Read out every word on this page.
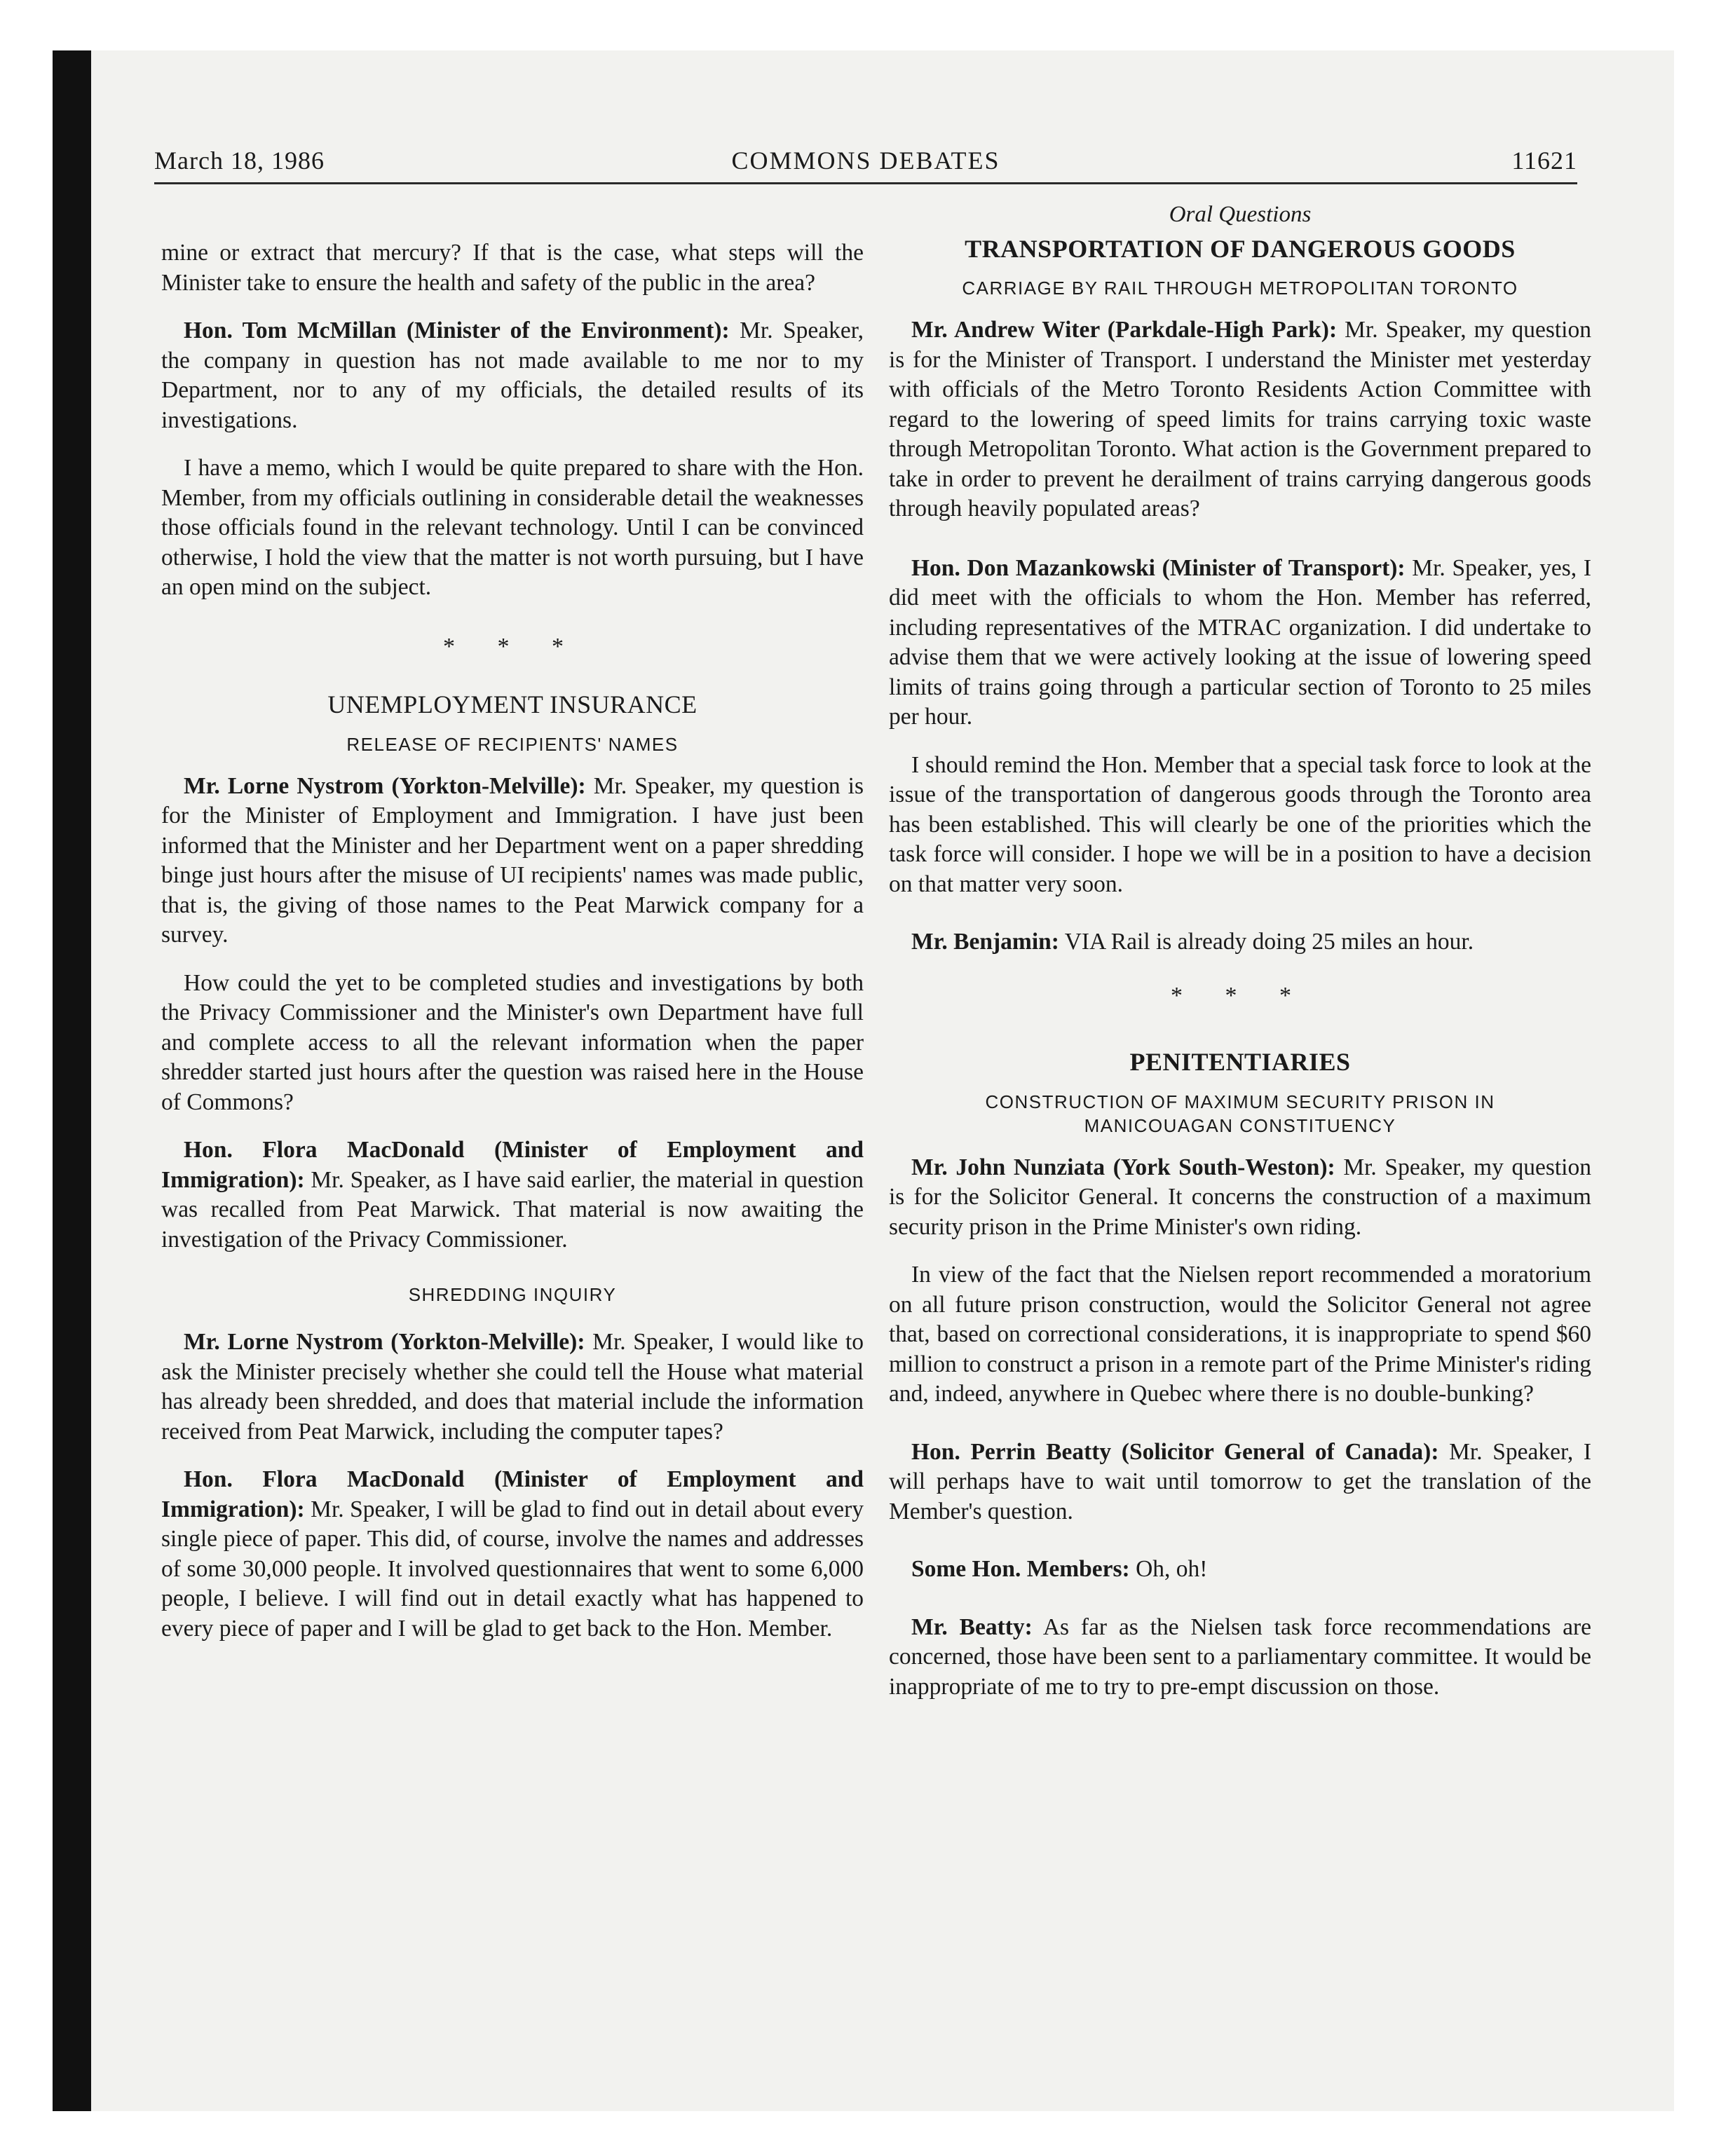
March 18, 1986	COMMONS DEBATES	11621

mine or extract that mercury? If that is the case, what steps will the Minister take to ensure the health and safety of the public in the area?

Hon. Tom McMillan (Minister of the Environment): Mr. Speaker, the company in question has not made available to me nor to my Department, nor to any of my officials, the detailed results of its investigations.

I have a memo, which I would be quite prepared to share with the Hon. Member, from my officials outlining in considerable detail the weaknesses those officials found in the relevant technology. Until I can be convinced otherwise, I hold the view that the matter is not worth pursuing, but I have an open mind on the subject.

* * *
UNEMPLOYMENT INSURANCE
RELEASE OF RECIPIENTS' NAMES

Mr. Lorne Nystrom (Yorkton-Melville): Mr. Speaker, my question is for the Minister of Employment and Immigration. I have just been informed that the Minister and her Department went on a paper shredding binge just hours after the misuse of UI recipients' names was made public, that is, the giving of those names to the Peat Marwick company for a survey.

How could the yet to be completed studies and investigations by both the Privacy Commissioner and the Minister's own Department have full and complete access to all the relevant information when the paper shredder started just hours after the question was raised here in the House of Commons?

Hon. Flora MacDonald (Minister of Employment and Immigration): Mr. Speaker, as I have said earlier, the material in question was recalled from Peat Marwick. That material is now awaiting the investigation of the Privacy Commissioner.

SHREDDING INQUIRY

Mr. Lorne Nystrom (Yorkton-Melville): Mr. Speaker, I would like to ask the Minister precisely whether she could tell the House what material has already been shredded, and does that material include the information received from Peat Marwick, including the computer tapes?

Hon. Flora MacDonald (Minister of Employment and Immigration): Mr. Speaker, I will be glad to find out in detail about every single piece of paper. This did, of course, involve the names and addresses of some 30,000 people. It involved questionnaires that went to some 6,000 people, I believe. I will find out in detail exactly what has happened to every piece of paper and I will be glad to get back to the Hon. Member.

Oral Questions
TRANSPORTATION OF DANGEROUS GOODS
CARRIAGE BY RAIL THROUGH METROPOLITAN TORONTO

Mr. Andrew Witer (Parkdale-High Park): Mr. Speaker, my question is for the Minister of Transport. I understand the Minister met yesterday with officials of the Metro Toronto Residents Action Committee with regard to the lowering of speed limits for trains carrying toxic waste through Metropolitan Toronto. What action is the Government prepared to take in order to prevent he derailment of trains carrying dangerous goods through heavily populated areas?

Hon. Don Mazankowski (Minister of Transport): Mr. Speaker, yes, I did meet with the officials to whom the Hon. Member has referred, including representatives of the MTRAC organization. I did undertake to advise them that we were actively looking at the issue of lowering speed limits of trains going through a particular section of Toronto to 25 miles per hour.

I should remind the Hon. Member that a special task force to look at the issue of the transportation of dangerous goods through the Toronto area has been established. This will clearly be one of the priorities which the task force will consider. I hope we will be in a position to have a decision on that matter very soon.

Mr. Benjamin: VIA Rail is already doing 25 miles an hour.

* * *
PENITENTIARIES
CONSTRUCTION OF MAXIMUM SECURITY PRISON IN
MANICOUAGAN CONSTITUENCY

Mr. John Nunziata (York South-Weston): Mr. Speaker, my question is for the Solicitor General. It concerns the construction of a maximum security prison in the Prime Minister's own riding.

In view of the fact that the Nielsen report recommended a moratorium on all future prison construction, would the Solicitor General not agree that, based on correctional considerations, it is inappropriate to spend $60 million to construct a prison in a remote part of the Prime Minister's riding and, indeed, anywhere in Quebec where there is no double-bunking?

Hon. Perrin Beatty (Solicitor General of Canada): Mr. Speaker, I will perhaps have to wait until tomorrow to get the translation of the Member's question.

Some Hon. Members: Oh, oh!

Mr. Beatty: As far as the Nielsen task force recommendations are concerned, those have been sent to a parliamentary committee. It would be inappropriate of me to try to pre-empt discussion on those.
